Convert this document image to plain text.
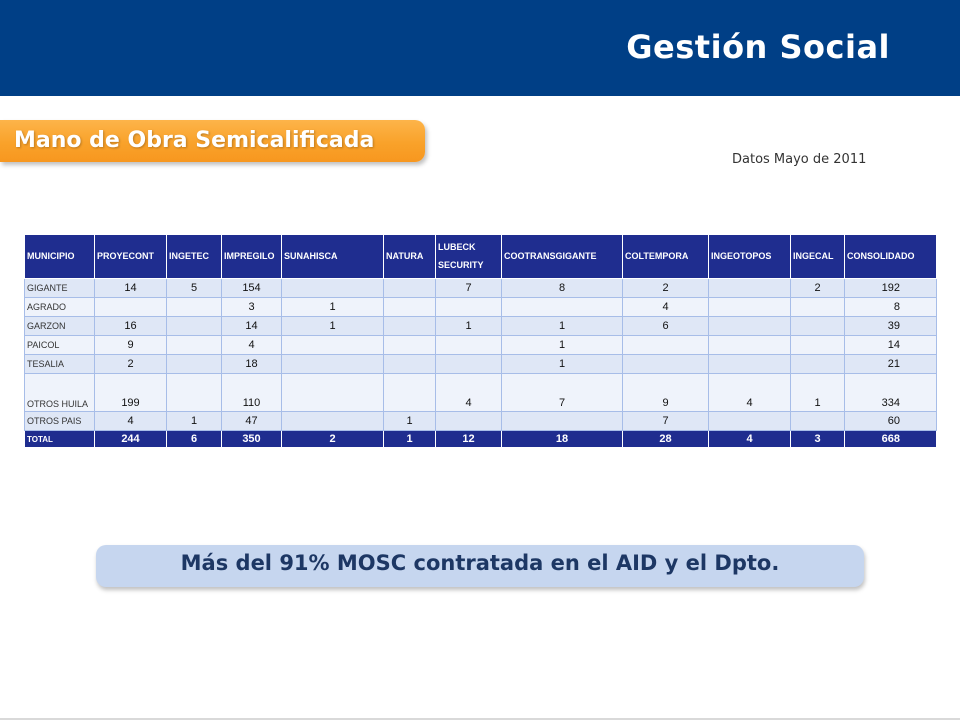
Gestión Social
Mano de Obra Semicalificada
Datos Mayo de 2011
MUNICIPIO	PROYECONT	INGETEC	IMPREGILO	SUNAHISCA	NATURA	LUBECK SECURITY	COOTRANSGIGANTE	COLTEMPORA	INGEOTOPOS	INGECAL	CONSOLIDADO
GIGANTE	14	5	154			7	8	2		2	192
AGRADO			3	1				4			8
GARZON	16		14	1		1	1	6			39
PAICOL	9		4				1				14
TESALIA	2		18				1				21
OTROS HUILA	199		110			4	7	9	4	1	334
OTROS PAIS	4	1	47		1			7			60
TOTAL	244	6	350	2	1	12	18	28	4	3	668
Más del 91% MOSC contratada en el AID y el Dpto.
